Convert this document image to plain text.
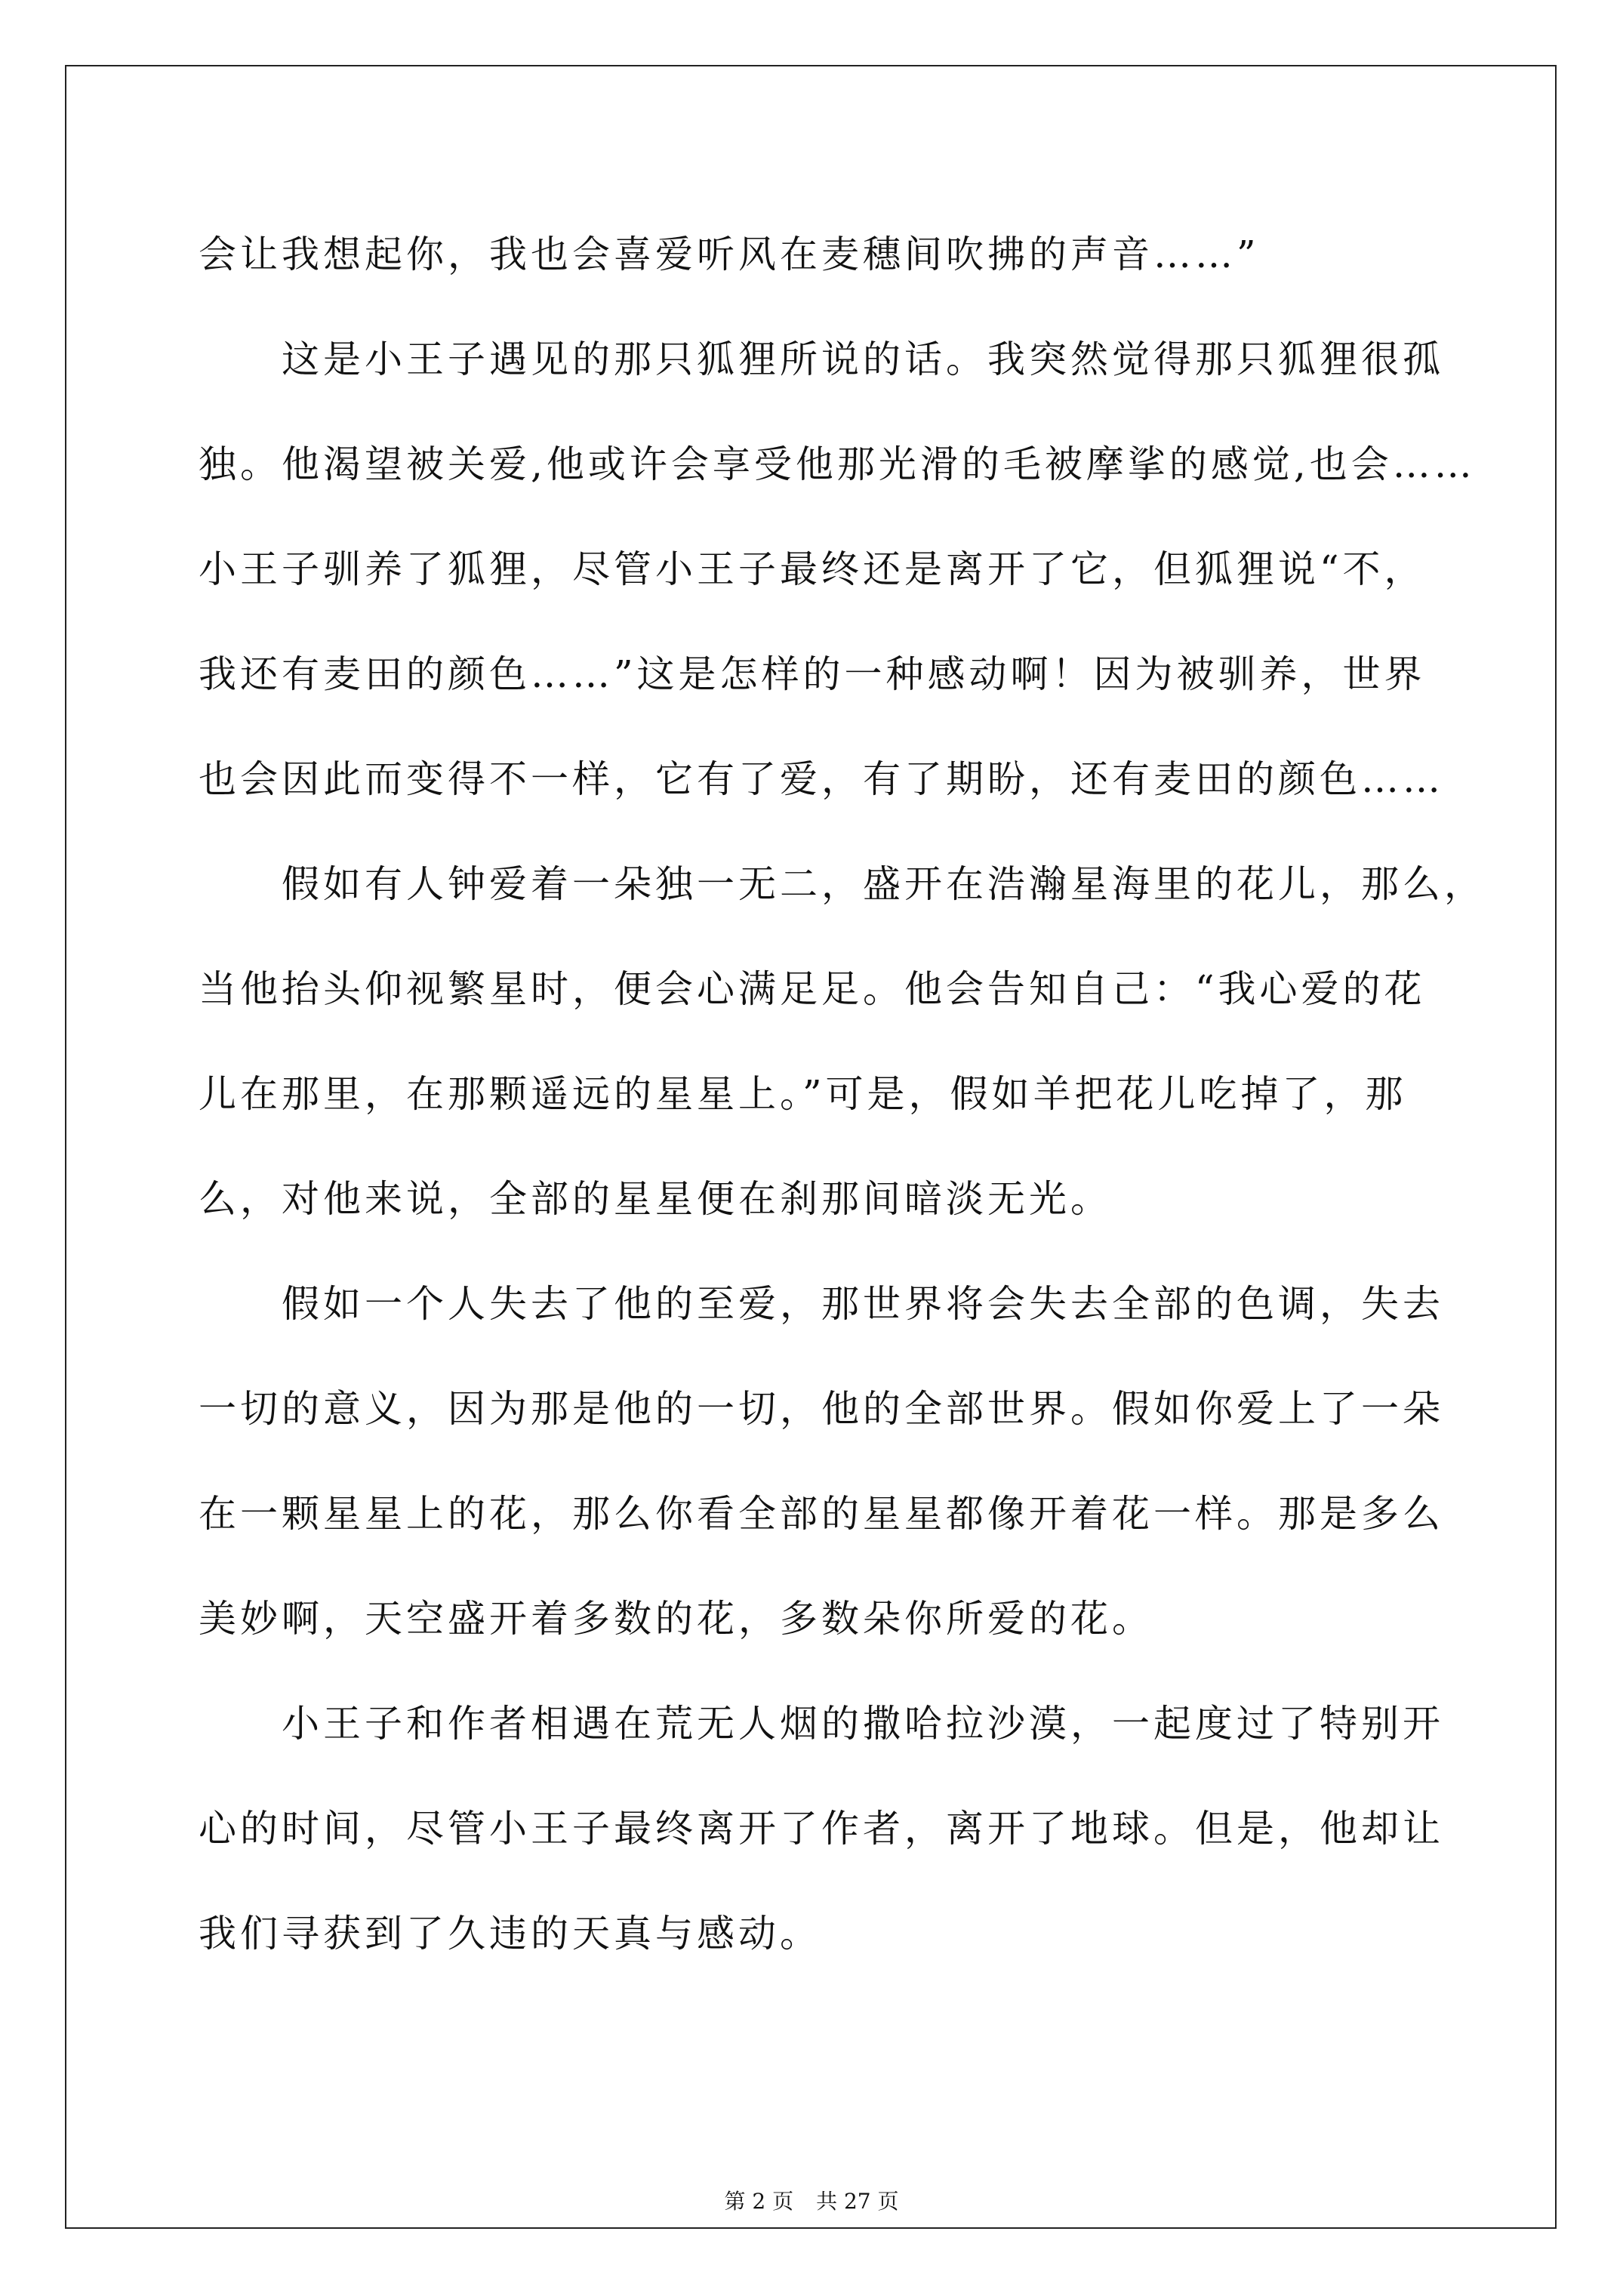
会让我想起你，我也会喜爱听风在麦穗间吹拂的声音……”
　　这是小王子遇见的那只狐狸所说的话。我突然觉得那只狐狸很孤
独。他渴望被关爱,他或许会享受他那光滑的毛被摩挲的感觉,也会……
小王子驯养了狐狸，尽管小王子最终还是离开了它，但狐狸说“不，
我还有麦田的颜色……”这是怎样的一种感动啊！因为被驯养，世界
也会因此而变得不一样，它有了爱，有了期盼，还有麦田的颜色……
　　假如有人钟爱着一朵独一无二，盛开在浩瀚星海里的花儿，那么，
当他抬头仰视繁星时，便会心满足足。他会告知自己：“我心爱的花
儿在那里，在那颗遥远的星星上。”可是，假如羊把花儿吃掉了，那
么，对他来说，全部的星星便在刹那间暗淡无光。
　　假如一个人失去了他的至爱，那世界将会失去全部的色调，失去
一切的意义，因为那是他的一切，他的全部世界。假如你爱上了一朵
在一颗星星上的花，那么你看全部的星星都像开着花一样。那是多么
美妙啊，天空盛开着多数的花，多数朵你所爱的花。
　　小王子和作者相遇在荒无人烟的撒哈拉沙漠，一起度过了特别开
心的时间，尽管小王子最终离开了作者，离开了地球。但是，他却让
我们寻获到了久违的天真与感动。
第 2 页 共 27 页
